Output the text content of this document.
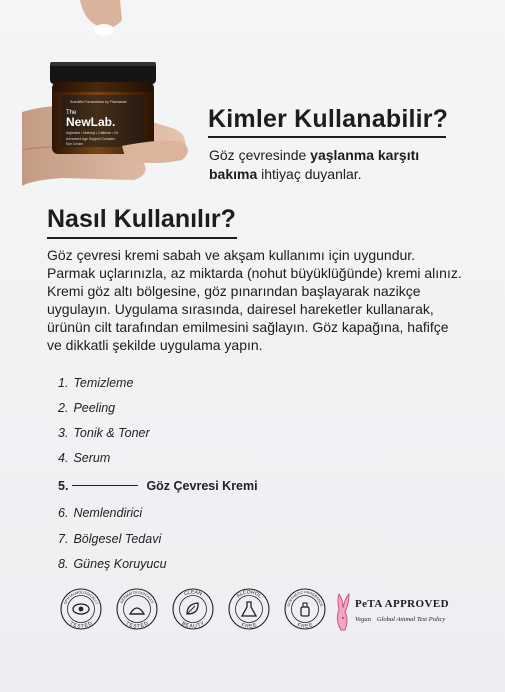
Scientific Formulations by Pharmacist
The
NewLab.
Argireline • Matrixyl • Caffeine • Vit
Advanced Age Support Complex
Eye Cream
Kimler Kullanabilir?
Göz çevresinde yaşlanma karşıtı bakıma ihtiyaç duyanlar.
Nasıl Kullanılır?

Göz çevresi kremi sabah ve akşam kullanımı için uygundur. Parmak uçlarınızla, az miktarda (nohut büyüklüğünde) kremi alınız. Kremi göz altı bölgesine, göz pınarından başlayarak nazikçe uygulayın. Uygulama sırasında, dairesel hareketler kullanarak, ürünün cilt tarafından emilmesini sağlayın. Göz kapağına, hafifçe ve dikkatli şekilde uygulama yapın.

1. Temizleme
2. Peeling
3. Tonik & Toner
4. Serum
5.	Göz Çevresi Kremi
6. Nemlendirici
7. Bölgesel Tedavi
8. Güneş Koruyucu
OPHTALMOLOGICALLY
TESTED
DERMATOLOGICALLY
TESTED
CLEAN
BEAUTY
ALCOHOL
FREE
SYNTHETIC FRAGRANCE
FREE
PeTA APPROVED
Vegan Global Animal Test Policy
